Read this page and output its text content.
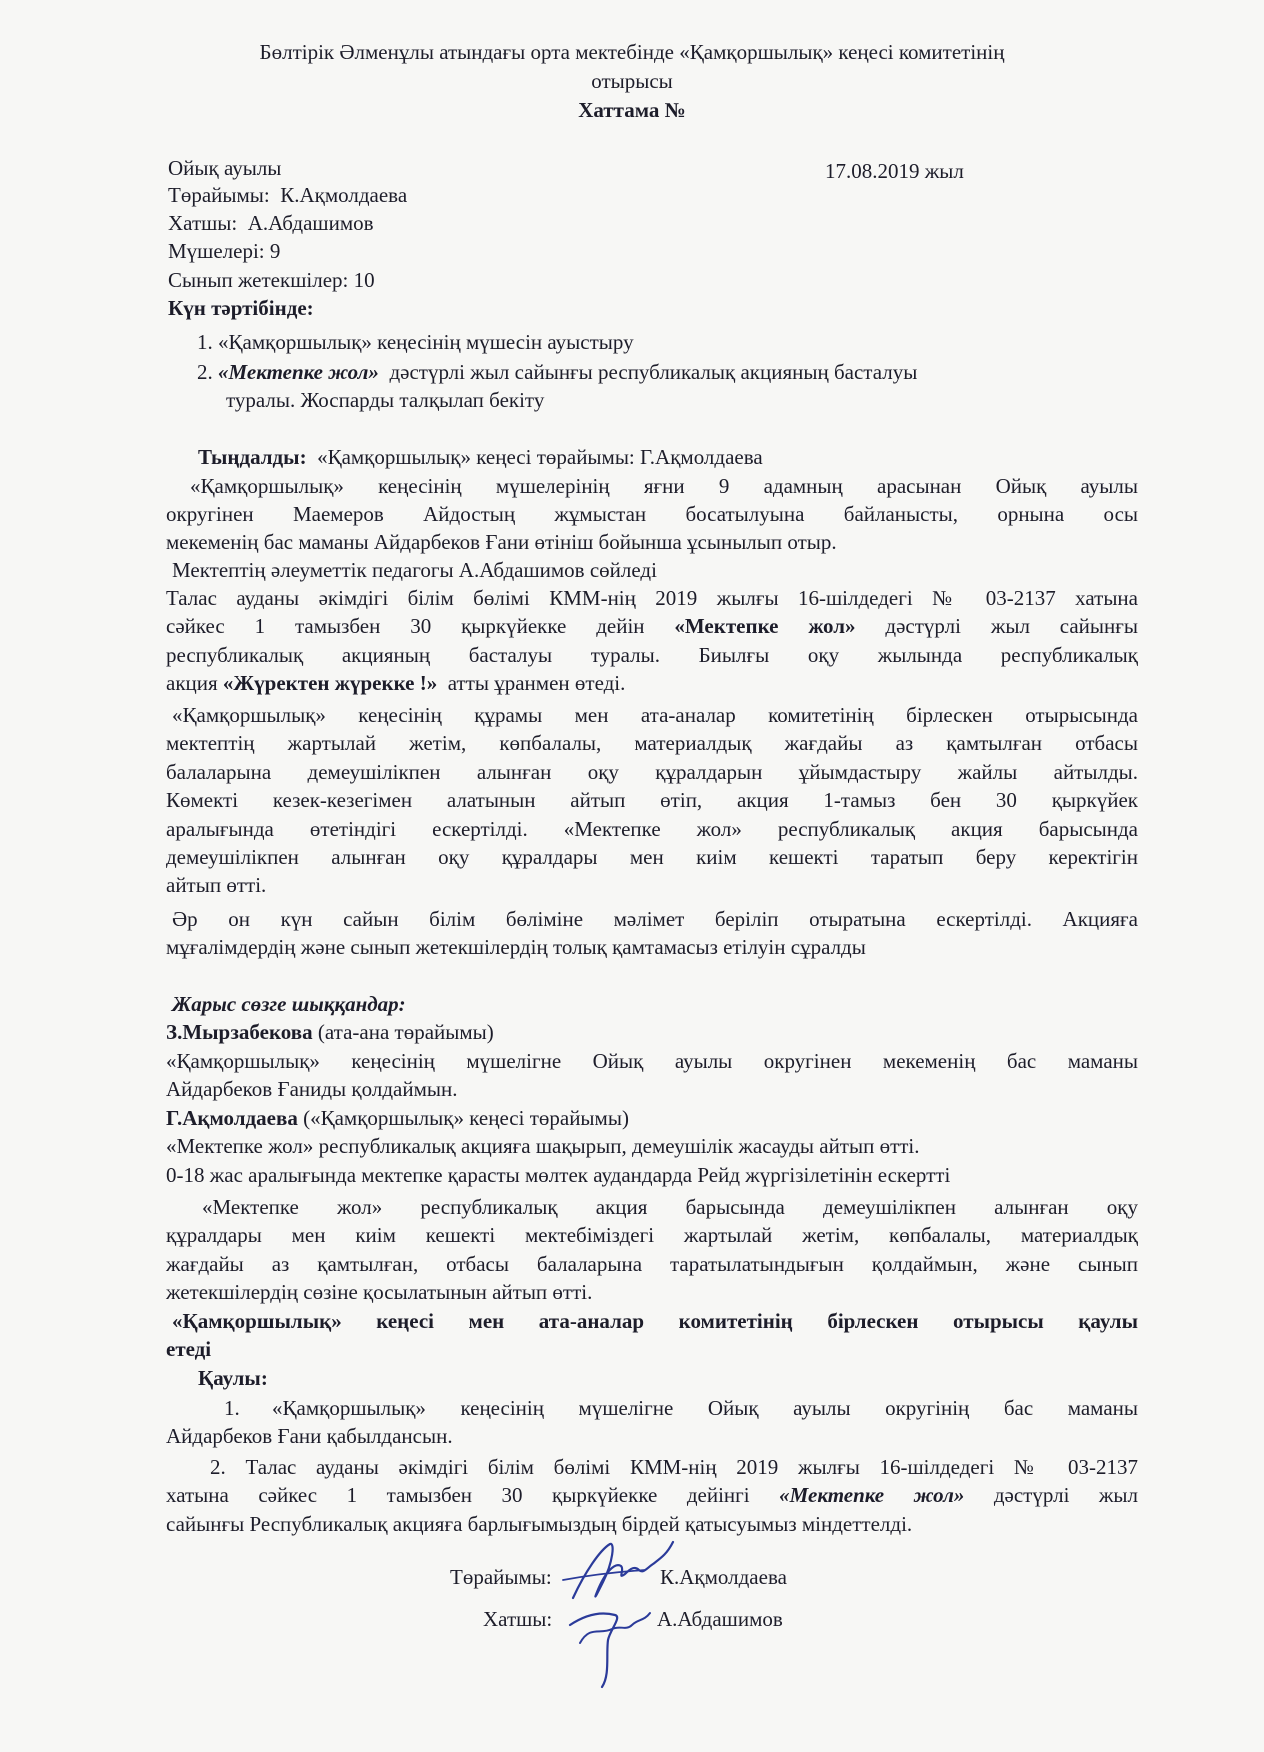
Бөлтірік Әлменұлы атындағы орта мектебінде «Қамқоршылық» кеңесі комитетінің
отырысы
Хаттама №
Ойық ауылы	17.08.2019 жыл
Төрайымы: К.Ақмолдаева
Хатшы: А.Абдашимов
Мүшелері: 9
Сынып жетекшілер: 10
Күн тәртібінде:
1. «Қамқоршылық» кеңесінің мүшесін ауыстыру
2. «Мектепке жол» дәстүрлі жыл сайынғы республикалық акцияның басталуы
туралы. Жоспарды талқылап бекіту
Тыңдалды: «Қамқоршылық» кеңесі төрайымы: Г.Ақмолдаева
«Қамқоршылық» кеңесінің мүшелерінің яғни 9 адамның арасынан Ойық ауылы
округінен Маемеров Айдостың жұмыстан босатылуына байланысты, орнына осы
мекеменің бас маманы Айдарбеков Ғани өтініш бойынша ұсынылып отыр.
Мектептің әлеуметтік педагогы А.Абдашимов сөйледі
Талас ауданы әкімдігі білім бөлімі КММ-нің 2019 жылғы 16-шілдедегі № 03-2137 хатына
сәйкес 1 тамызбен 30 қыркүйекке дейін «Мектепке жол» дәстүрлі жыл сайынғы
республикалық акцияның басталуы туралы. Биылғы оқу жылында республикалық
акция «Жүректен жүрекке !» атты ұранмен өтеді.
«Қамқоршылық» кеңесінің құрамы мен ата-аналар комитетінің бірлескен отырысында
мектептің жартылай жетім, көпбалалы, материалдық жағдайы аз қамтылған отбасы
балаларына демеушілікпен алынған оқу құралдарын ұйымдастыру жайлы айтылды.
Көмекті кезек-кезегімен алатынын айтып өтіп, акция 1-тамыз бен 30 қыркүйек
аралығында өтетіндігі ескертілді. «Мектепке жол» республикалық акция барысында
демеушілікпен алынған оқу құралдары мен киім кешекті таратып беру керектігін
айтып өтті.
Әр он күн сайын білім бөліміне мәлімет беріліп отыратына ескертілді. Акцияға
мұғалімдердің және сынып жетекшілердің толық қамтамасыз етілуін сұралды
Жарыс сөзге шыққандар:
З.Мырзабекова (ата-ана төрайымы)
«Қамқоршылық» кеңесінің мүшелігне Ойық ауылы округінен мекеменің бас маманы
Айдарбеков Ғаниды қолдаймын.
Г.Ақмолдаева («Қамқоршылық» кеңесі төрайымы)
«Мектепке жол» республикалық акцияға шақырып, демеушілік жасауды айтып өтті.
0-18 жас аралығында мектепке қарасты мөлтек аудандарда Рейд жүргізілетінін ескертті
«Мектепке жол» республикалық акция барысында демеушілікпен алынған оқу
құралдары мен киім кешекті мектебіміздегі жартылай жетім, көпбалалы, материалдық
жағдайы аз қамтылған, отбасы балаларына таратылатындығын қолдаймын, және сынып
жетекшілердің сөзіне қосылатынын айтып өтті.
«Қамқоршылық» кеңесі мен ата-аналар комитетінің бірлескен отырысы қаулы
етеді
Қаулы:
1. «Қамқоршылық» кеңесінің мүшелігне Ойық ауылы округінің бас маманы
Айдарбеков Ғани қабылдансын.
2. Талас ауданы әкімдігі білім бөлімі КММ-нің 2019 жылғы 16-шілдедегі № 03-2137
хатына сәйкес 1 тамызбен 30 қыркүйекке дейінгі «Мектепке жол» дәстүрлі жыл
сайынғы Республикалық акцияға барлығымыздың бірдей қатысуымыз міндеттелді.
Төрайымы:	К.Ақмолдаева
Хатшы:	А.Абдашимов
